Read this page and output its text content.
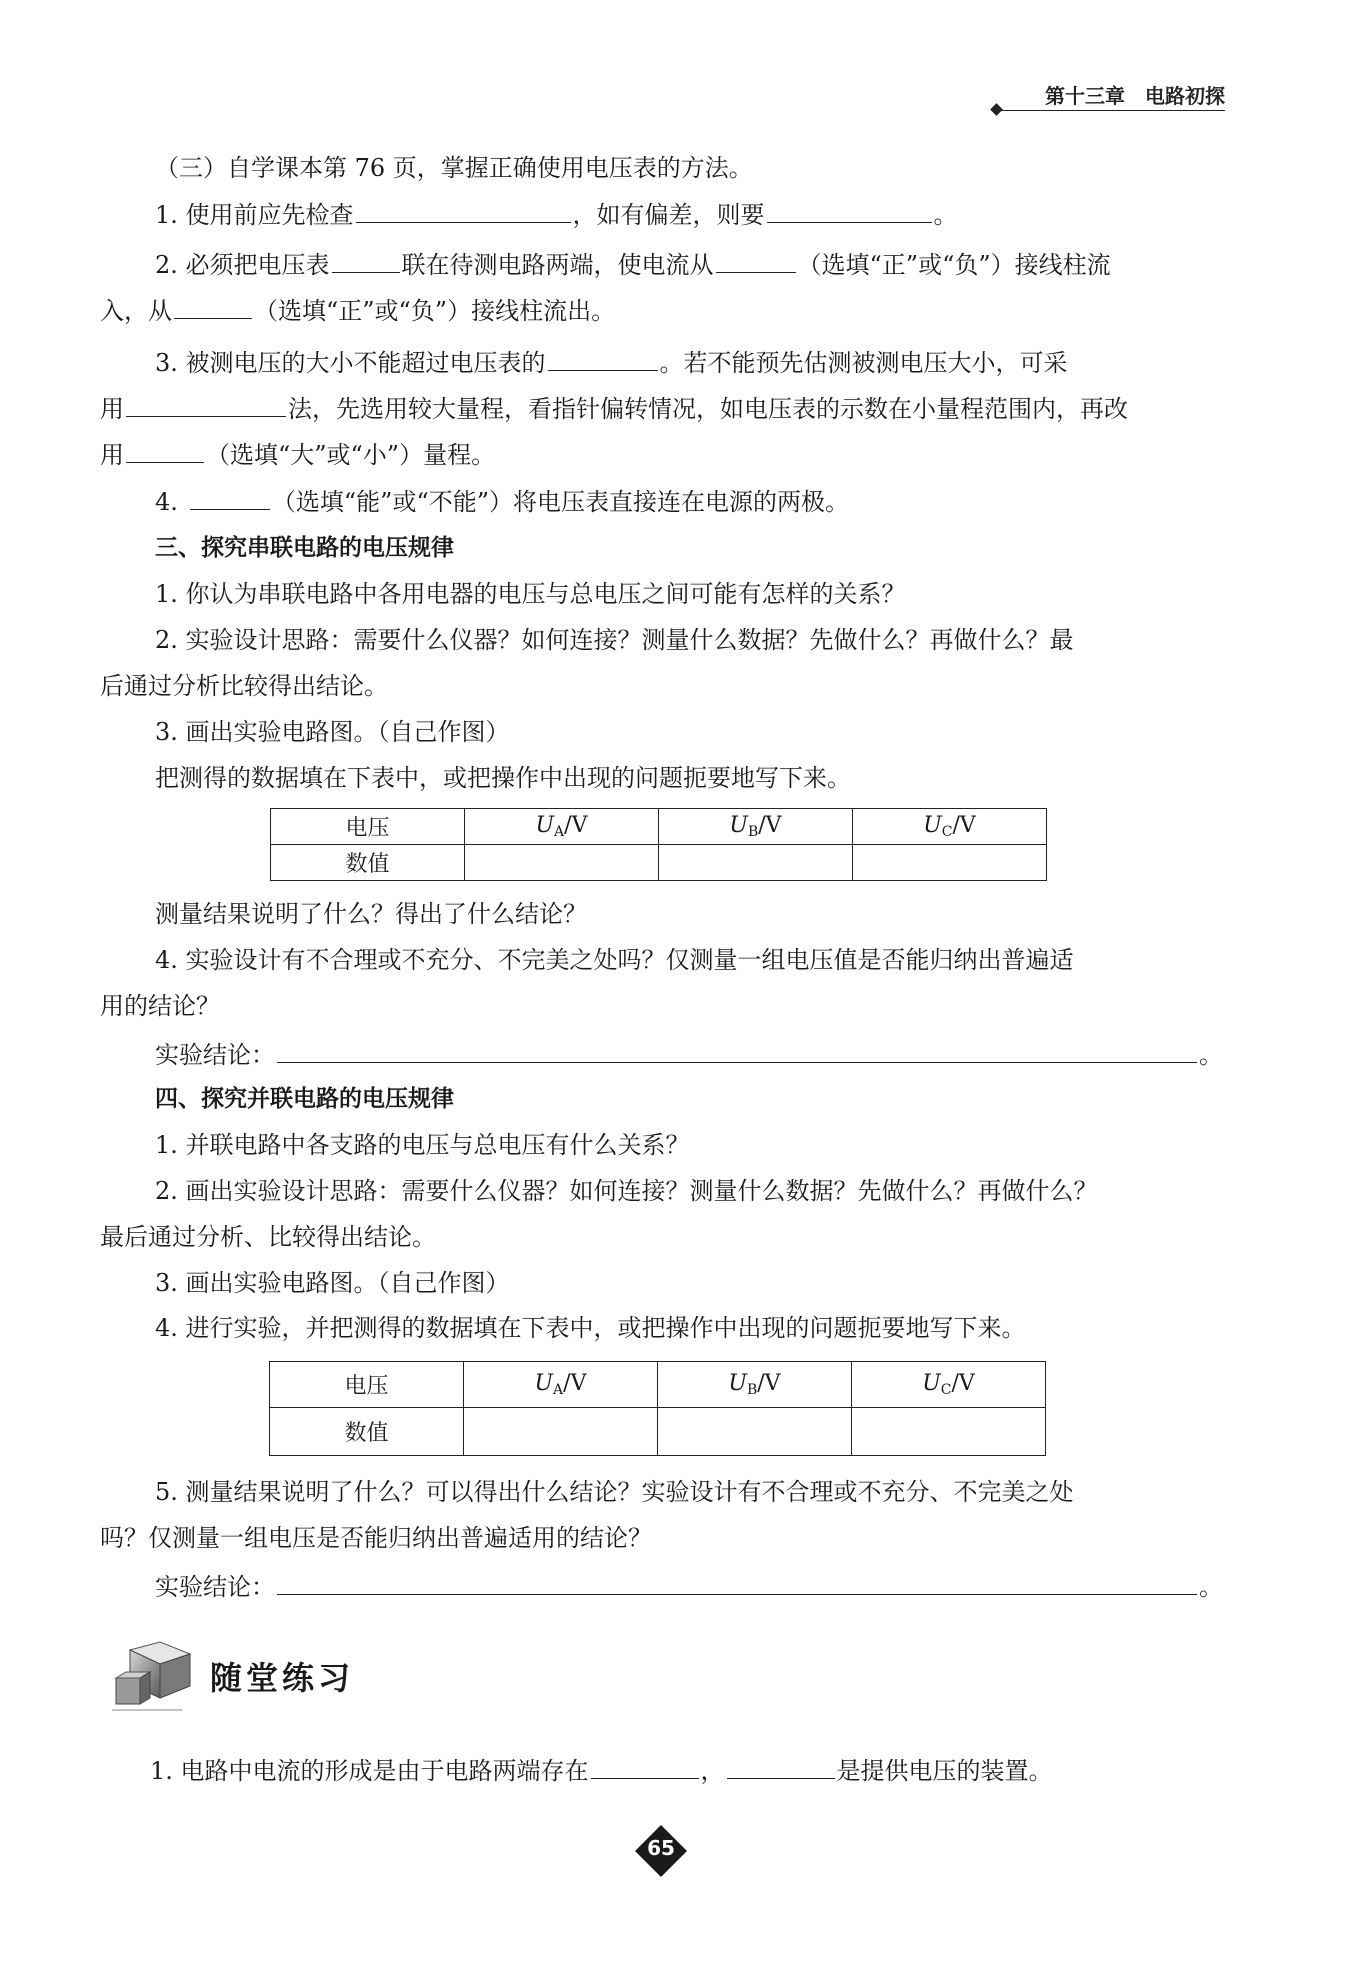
第十三章　电路初探
（三）自学课本第 76 页，掌握正确使用电压表的方法。
1. 使用前应先检查	，如有偏差，则要	。
2. 必须把电压表	联在待测电路两端，使电流从	（选填“正”或“负”）接线柱流
入，从	（选填“正”或“负”）接线柱流出。
3. 被测电压的大小不能超过电压表的	。若不能预先估测被测电压大小，可采
用	法，先选用较大量程，看指针偏转情况，如电压表的示数在小量程范围内，再改
用	（选填“大”或“小”）量程。
4.	（选填“能”或“不能”）将电压表直接连在电源的两极。
三、探究串联电路的电压规律
1. 你认为串联电路中各用电器的电压与总电压之间可能有怎样的关系？
2. 实验设计思路：需要什么仪器？如何连接？测量什么数据？先做什么？再做什么？最
后通过分析比较得出结论。
3. 画出实验电路图。（自己作图）
把测得的数据填在下表中，或把操作中出现的问题扼要地写下来。
电压	$U_A/V$	$U_B/V$	$U_C/V$
数值			
测量结果说明了什么？得出了什么结论？
4. 实验设计有不合理或不充分、不完美之处吗？仅测量一组电压值是否能归纳出普遍适
用的结论？
实验结论：	。
四、探究并联电路的电压规律
1. 并联电路中各支路的电压与总电压有什么关系？
2. 画出实验设计思路：需要什么仪器？如何连接？测量什么数据？先做什么？再做什么？
最后通过分析、比较得出结论。
3. 画出实验电路图。（自己作图）
4. 进行实验，并把测得的数据填在下表中，或把操作中出现的问题扼要地写下来。
电压	$U_A/V$	$U_B/V$	$U_C/V$
数值			
5. 测量结果说明了什么？可以得出什么结论？实验设计有不合理或不充分、不完美之处
吗？仅测量一组电压是否能归纳出普遍适用的结论？
实验结论：	。
随堂练习
1. 电路中电流的形成是由于电路两端存在	，	是提供电压的装置。
65
